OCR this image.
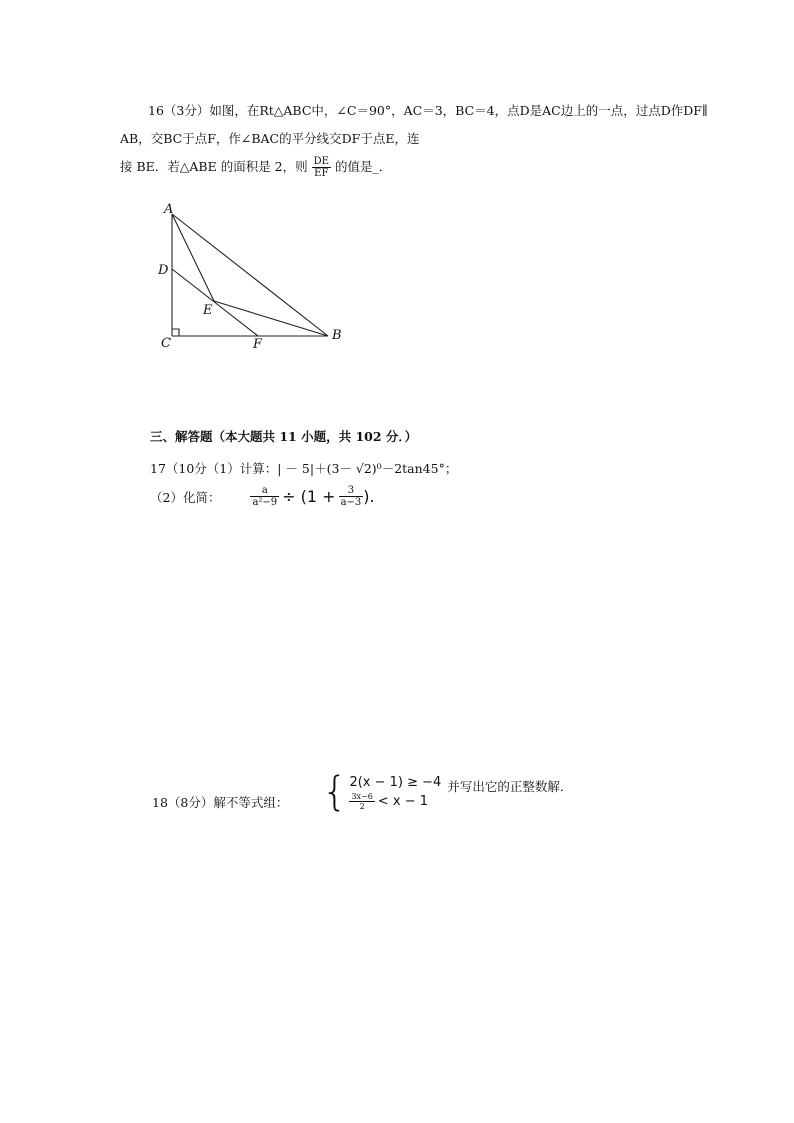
16（3分）如图，在Rt△ABC中，∠C＝90°，AC＝3，BC＝4，点D是AC边上的一点，过点D作DF∥
AB，交BC于点F，作∠BAC的平分线交DF于点E，连
接 BE．若△ABE 的面积是 2，则 $\frac{DE}{EF}$ 的值是_．
A
D
E
C	F
B
三、解答题（本大题共 11 小题，共 102 分．）
17（10分（1）计算：| － 5|＋(3－ √2)⁰－2tan45°；
（2）化简：	$\frac{a}{\text{a²−9}} \div (1 + \frac{3}{a-3}$ ).
18（8分）解不等式组： { 2(x − 1) ≥ −4
$\frac{3x-6}{2} < x - 1$
并写出它的正整数解．
